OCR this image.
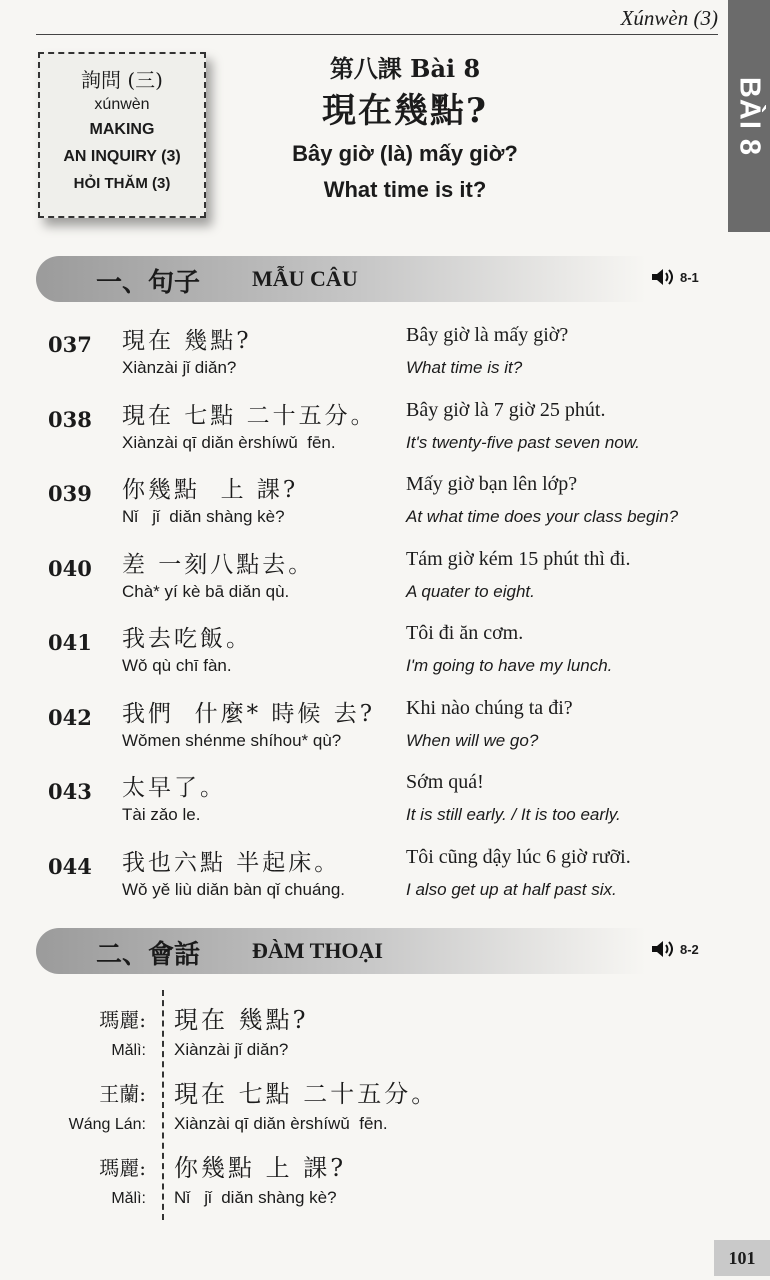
Xúnwèn (3)
BÀI 8
詢問 (三)
xúnwèn
MAKING
AN INQUIRY (3)
HỎI THĂM (3)
第八課 Bài 8
現在幾點?
Bây giờ (là) mấy giờ?
What time is it?
一、句子 MẪU CÂU	8-1
037 現在 幾點?
Xiànzài jǐ diǎn?
Bây giờ là mấy giờ?
What time is it?
038 現在 七點 二十五分。
Xiànzài qī diǎn èrshíwǔ  fēn.
Bây giờ là 7 giờ 25 phút.
It's twenty-five past seven now.
039 你幾點  上 課?
Nǐ   jǐ  diǎn shàng kè?
Mấy giờ bạn lên lớp?
At what time does your class begin?
040 差 一刻八點去。
Chà* yí kè bā diǎn qù.
Tám giờ kém 15 phút thì đi.
A quater to eight.
041 我去吃飯。
Wǒ qù chī fàn.
Tôi đi ăn cơm.
I'm going to have my lunch.
042 我們  什麼* 時候 去?
Wǒmen shénme shíhou* qù?
Khi nào chúng ta đi?
When will we go?
043 太早了。
Tài zǎo le.
Sớm quá!
It is still early. / It is too early.
044 我也六點 半起床。
Wǒ yě liù diǎn bàn qǐ chuáng.
Tôi cũng dậy lúc 6 giờ rưỡi.
I also get up at half past six.
二、會話 ĐÀM THOẠI	8-2
瑪麗 : 現在 幾點?
Mǎlì : Xiànzài jǐ diǎn?
王蘭 : 現在 七點 二十五分。
Wáng Lán : Xiànzài qī diǎn èrshíwǔ  fēn.
瑪麗 : 你幾點 上 課?
Mǎlì : Nǐ   jǐ  diǎn shàng kè?
101
